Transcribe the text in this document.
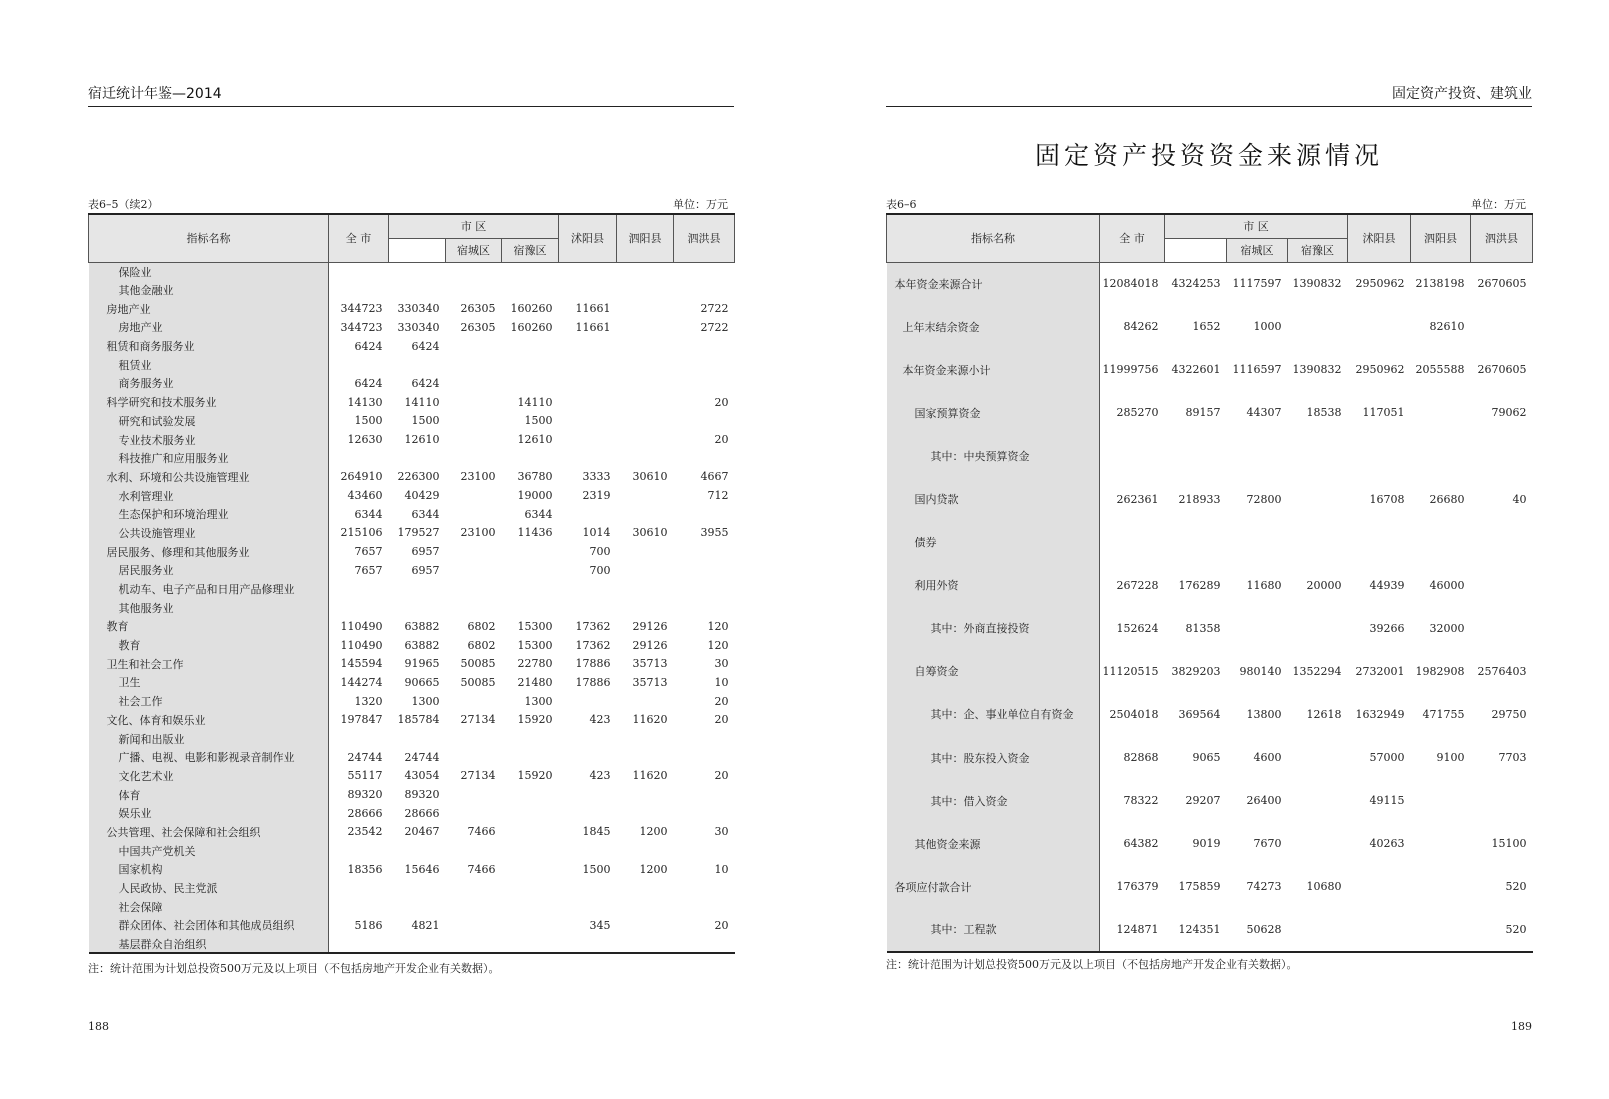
宿迁统计年鉴—2014
表6–5（续2）	单位：万元
指标名称	全 市	市 区			沭阳县	泗阳县	泗洪县
			宿城区	宿豫区			
保险业							
其他金融业							
房地产业	344723	330340	26305	160260	11661		2722
房地产业	344723	330340	26305	160260	11661		2722
租赁和商务服务业	6424	6424					
租赁业							
商务服务业	6424	6424					
科学研究和技术服务业	14130	14110		14110			20
研究和试验发展	1500	1500		1500			
专业技术服务业	12630	12610		12610			20
科技推广和应用服务业							
水利、环境和公共设施管理业	264910	226300	23100	36780	3333	30610	4667
水利管理业	43460	40429		19000	2319		712
生态保护和环境治理业	6344	6344		6344			
公共设施管理业	215106	179527	23100	11436	1014	30610	3955
居民服务、修理和其他服务业	7657	6957			700		
居民服务业	7657	6957			700		
机动车、电子产品和日用产品修理业							
其他服务业							
教育	110490	63882	6802	15300	17362	29126	120
教育	110490	63882	6802	15300	17362	29126	120
卫生和社会工作	145594	91965	50085	22780	17886	35713	30
卫生	144274	90665	50085	21480	17886	35713	10
社会工作	1320	1300		1300			20
文化、体育和娱乐业	197847	185784	27134	15920	423	11620	20
新闻和出版业							
广播、电视、电影和影视录音制作业	24744	24744					
文化艺术业	55117	43054	27134	15920	423	11620	20
体育	89320	89320					
娱乐业	28666	28666					
公共管理、社会保障和社会组织	23542	20467	7466		1845	1200	30
中国共产党机关							
国家机构	18356	15646	7466		1500	1200	10
人民政协、民主党派							
社会保障							
群众团体、社会团体和其他成员组织	5186	4821			345		20
基层群众自治组织							
注：统计范围为计划总投资500万元及以上项目（不包括房地产开发企业有关数据）。
188
固定资产投资、建筑业
固定资产投资资金来源情况
表6–6	单位：万元
指标名称	全 市	市 区			沭阳县	泗阳县	泗洪县
			宿城区	宿豫区			
本年资金来源合计	12084018	4324253	1117597	1390832	2950962	2138198	2670605
上年末结余资金	84262	1652	1000			82610	
本年资金来源小计	11999756	4322601	1116597	1390832	2950962	2055588	2670605
国家预算资金	285270	89157	44307	18538	117051		79062
其中：中央预算资金							
国内贷款	262361	218933	72800		16708	26680	40
债券							
利用外资	267228	176289	11680	20000	44939	46000	
其中：外商直接投资	152624	81358			39266	32000	
自筹资金	11120515	3829203	980140	1352294	2732001	1982908	2576403
其中：企、事业单位自有资金	2504018	369564	13800	12618	1632949	471755	29750
其中：股东投入资金	82868	9065	4600		57000	9100	7703
其中：借入资金	78322	29207	26400		49115		
其他资金来源	64382	9019	7670		40263		15100
各项应付款合计	176379	175859	74273	10680			520
其中：工程款	124871	124351	50628				520
注：统计范围为计划总投资500万元及以上项目（不包括房地产开发企业有关数据）。
189
